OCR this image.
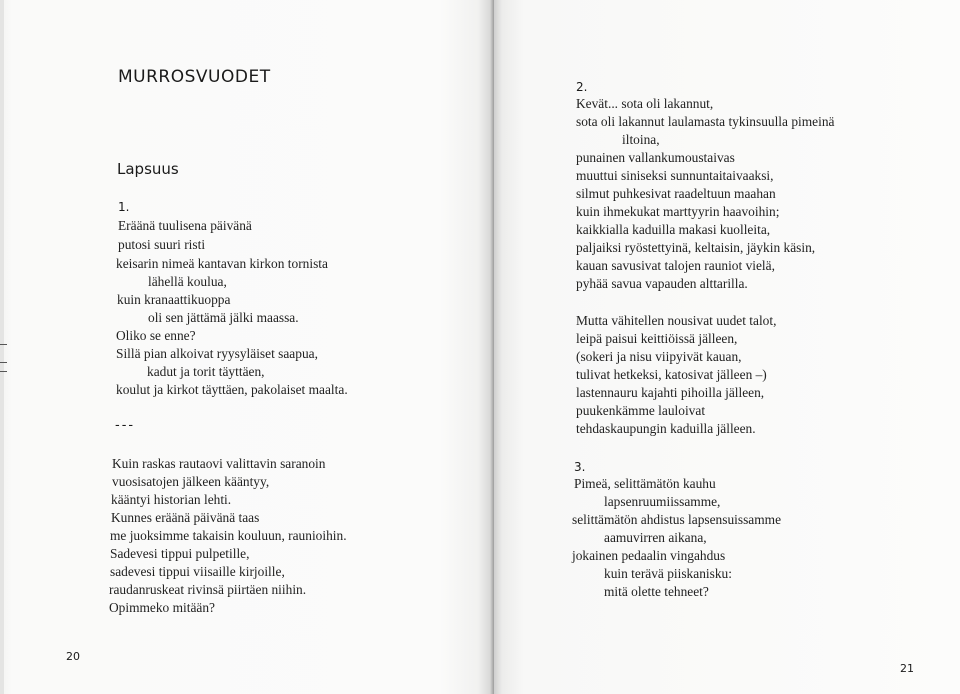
MURROSVUODET
Lapsuus
1.
Eräänä tuulisena päivänä
putosi suuri risti
keisarin nimeä kantavan kirkon tornista
lähellä koulua,
kuin kranaattikuoppa
oli sen jättämä jälki maassa.
Oliko se enne?
Sillä pian alkoivat ryysyläiset saapua,
kadut ja torit täyttäen,
koulut ja kirkot täyttäen, pakolaiset maalta.
---
Kuin raskas rautaovi valittavin saranoin
vuosisatojen jälkeen kääntyy,
kääntyi historian lehti.
Kunnes eräänä päivänä taas
me juoksimme takaisin kouluun, raunioihin.
Sadevesi tippui pulpetille,
sadevesi tippui viisaille kirjoille,
raudanruskeat rivinsä piirtäen niihin.
Opimmeko mitään?
20
2.
Kevät... sota oli lakannut,
sota oli lakannut laulamasta tykinsuulla pimeinä
iltoina,
punainen vallankumoustaivas
muuttui siniseksi sunnuntaitaivaaksi,
silmut puhkesivat raadeltuun maahan
kuin ihmekukat marttyyrin haavoihin;
kaikkialla kaduilla makasi kuolleita,
paljaiksi ryöstettyinä, keltaisin, jäykin käsin,
kauan savusivat talojen rauniot vielä,
pyhää savua vapauden alttarilla.
Mutta vähitellen nousivat uudet talot,
leipä paisui keittiöissä jälleen,
(sokeri ja nisu viipyivät kauan,
tulivat hetkeksi, katosivat jälleen –)
lastennauru kajahti pihoilla jälleen,
puukenkämme lauloivat
tehdaskaupungin kaduilla jälleen.
3.
Pimeä, selittämätön kauhu
lapsenruumiissamme,
selittämätön ahdistus lapsensuissamme
aamuvirren aikana,
jokainen pedaalin vingahdus
kuin terävä piiskanisku:
mitä olette tehneet?
21
